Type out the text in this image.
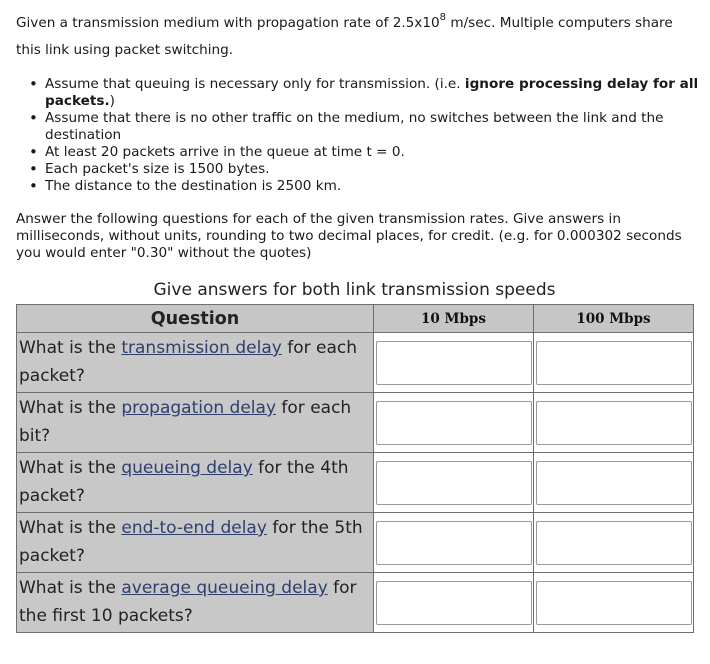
Given a transmission medium with propagation rate of $2.5x10^8$ m/sec. Multiple computers share this link using packet switching.
• Assume that queuing is necessary only for transmission. (i.e. ignore processing delay for all packets.)
• Assume that there is no other traffic on the medium, no switches between the link and the destination
• At least 20 packets arrive in the queue at time t = 0.
• Each packet's size is 1500 bytes.
• The distance to the destination is 2500 km.
Answer the following questions for each of the given transmission rates. Give answers in milliseconds, without units, rounding to two decimal places, for credit. (e.g. for 0.000302 seconds you would enter "0.30" without the quotes)
Give answers for both link transmission speeds
Question	10 Mbps	100 Mbps
What is the transmission delay for each packet?	

What is the propagation delay for each bit?	

What is the queueing delay for the 4th packet?	

What is the end-to-end delay for the 5th packet?	

What is the average queueing delay for the first 10 packets?	
